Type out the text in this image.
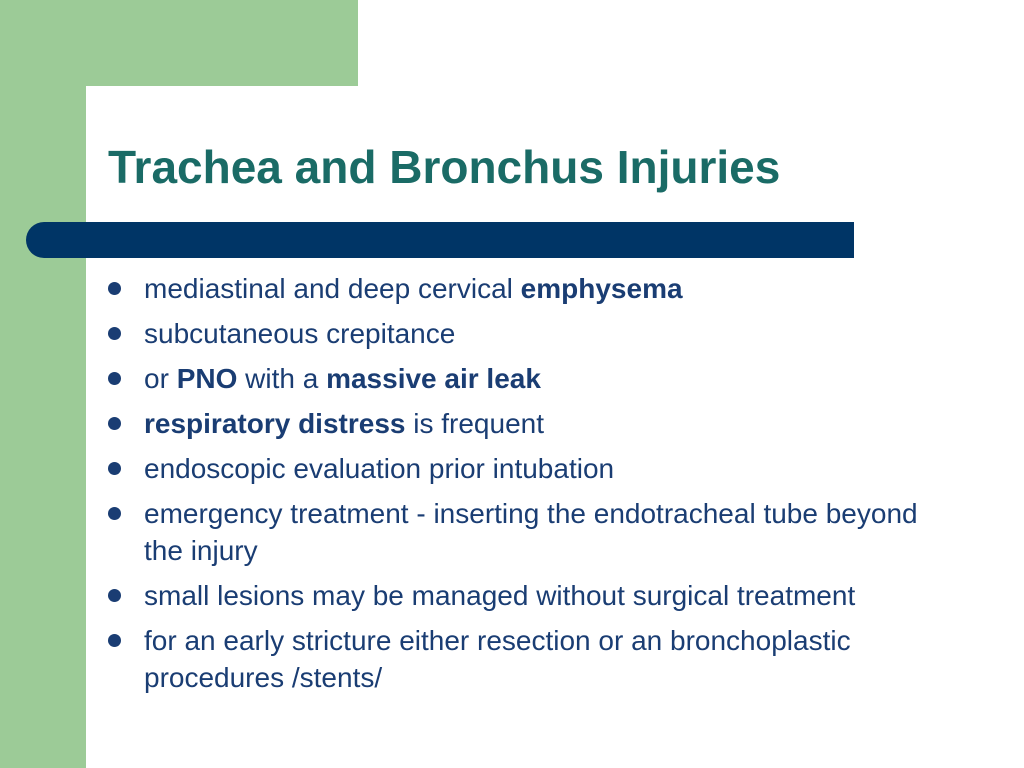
Trachea and Bronchus Injuries
mediastinal and deep cervical emphysema
subcutaneous crepitance
or PNO with a massive air leak
respiratory distress is frequent
endoscopic evaluation prior intubation
emergency treatment - inserting the endotracheal tube beyond the injury
small lesions may be managed without surgical treatment
for an early stricture either resection or an bronchoplastic procedures /stents/
